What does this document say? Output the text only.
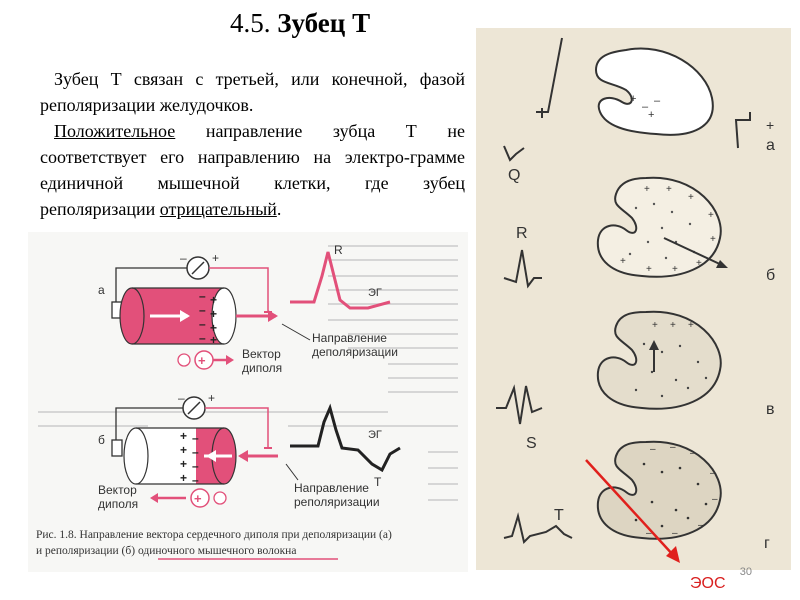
4.5. Зубец Т

Зубец Т связан с третьей, или конечной, фазой реполяризации желудочков.

Положительное направление зубца Т не соответствует его направлению на электро-грамме единичной мышечной клетки, где зубец реполяризации отрицательный.

– +
а	–
–
–
–
+
+
+
+
R
ЭГ
Направление
деполяризации
+	Вектор
диполя
– +
б	+
+
+
+
–
–
–
–
ЭГ
Т
Направление
реполяризации
+
Вектор
диполя
Рис. 1.8. Направление вектора сердечного диполя при деполяризации (а)
и реполяризации (б) одиночного мышечного волокна
+
–
+
–
Q
+
а
+ +
+
+
+
+
+
+
+
R
б
+ + +
S
в
– –
–
–
–
–
–
–
T
г
ЭОС
30
